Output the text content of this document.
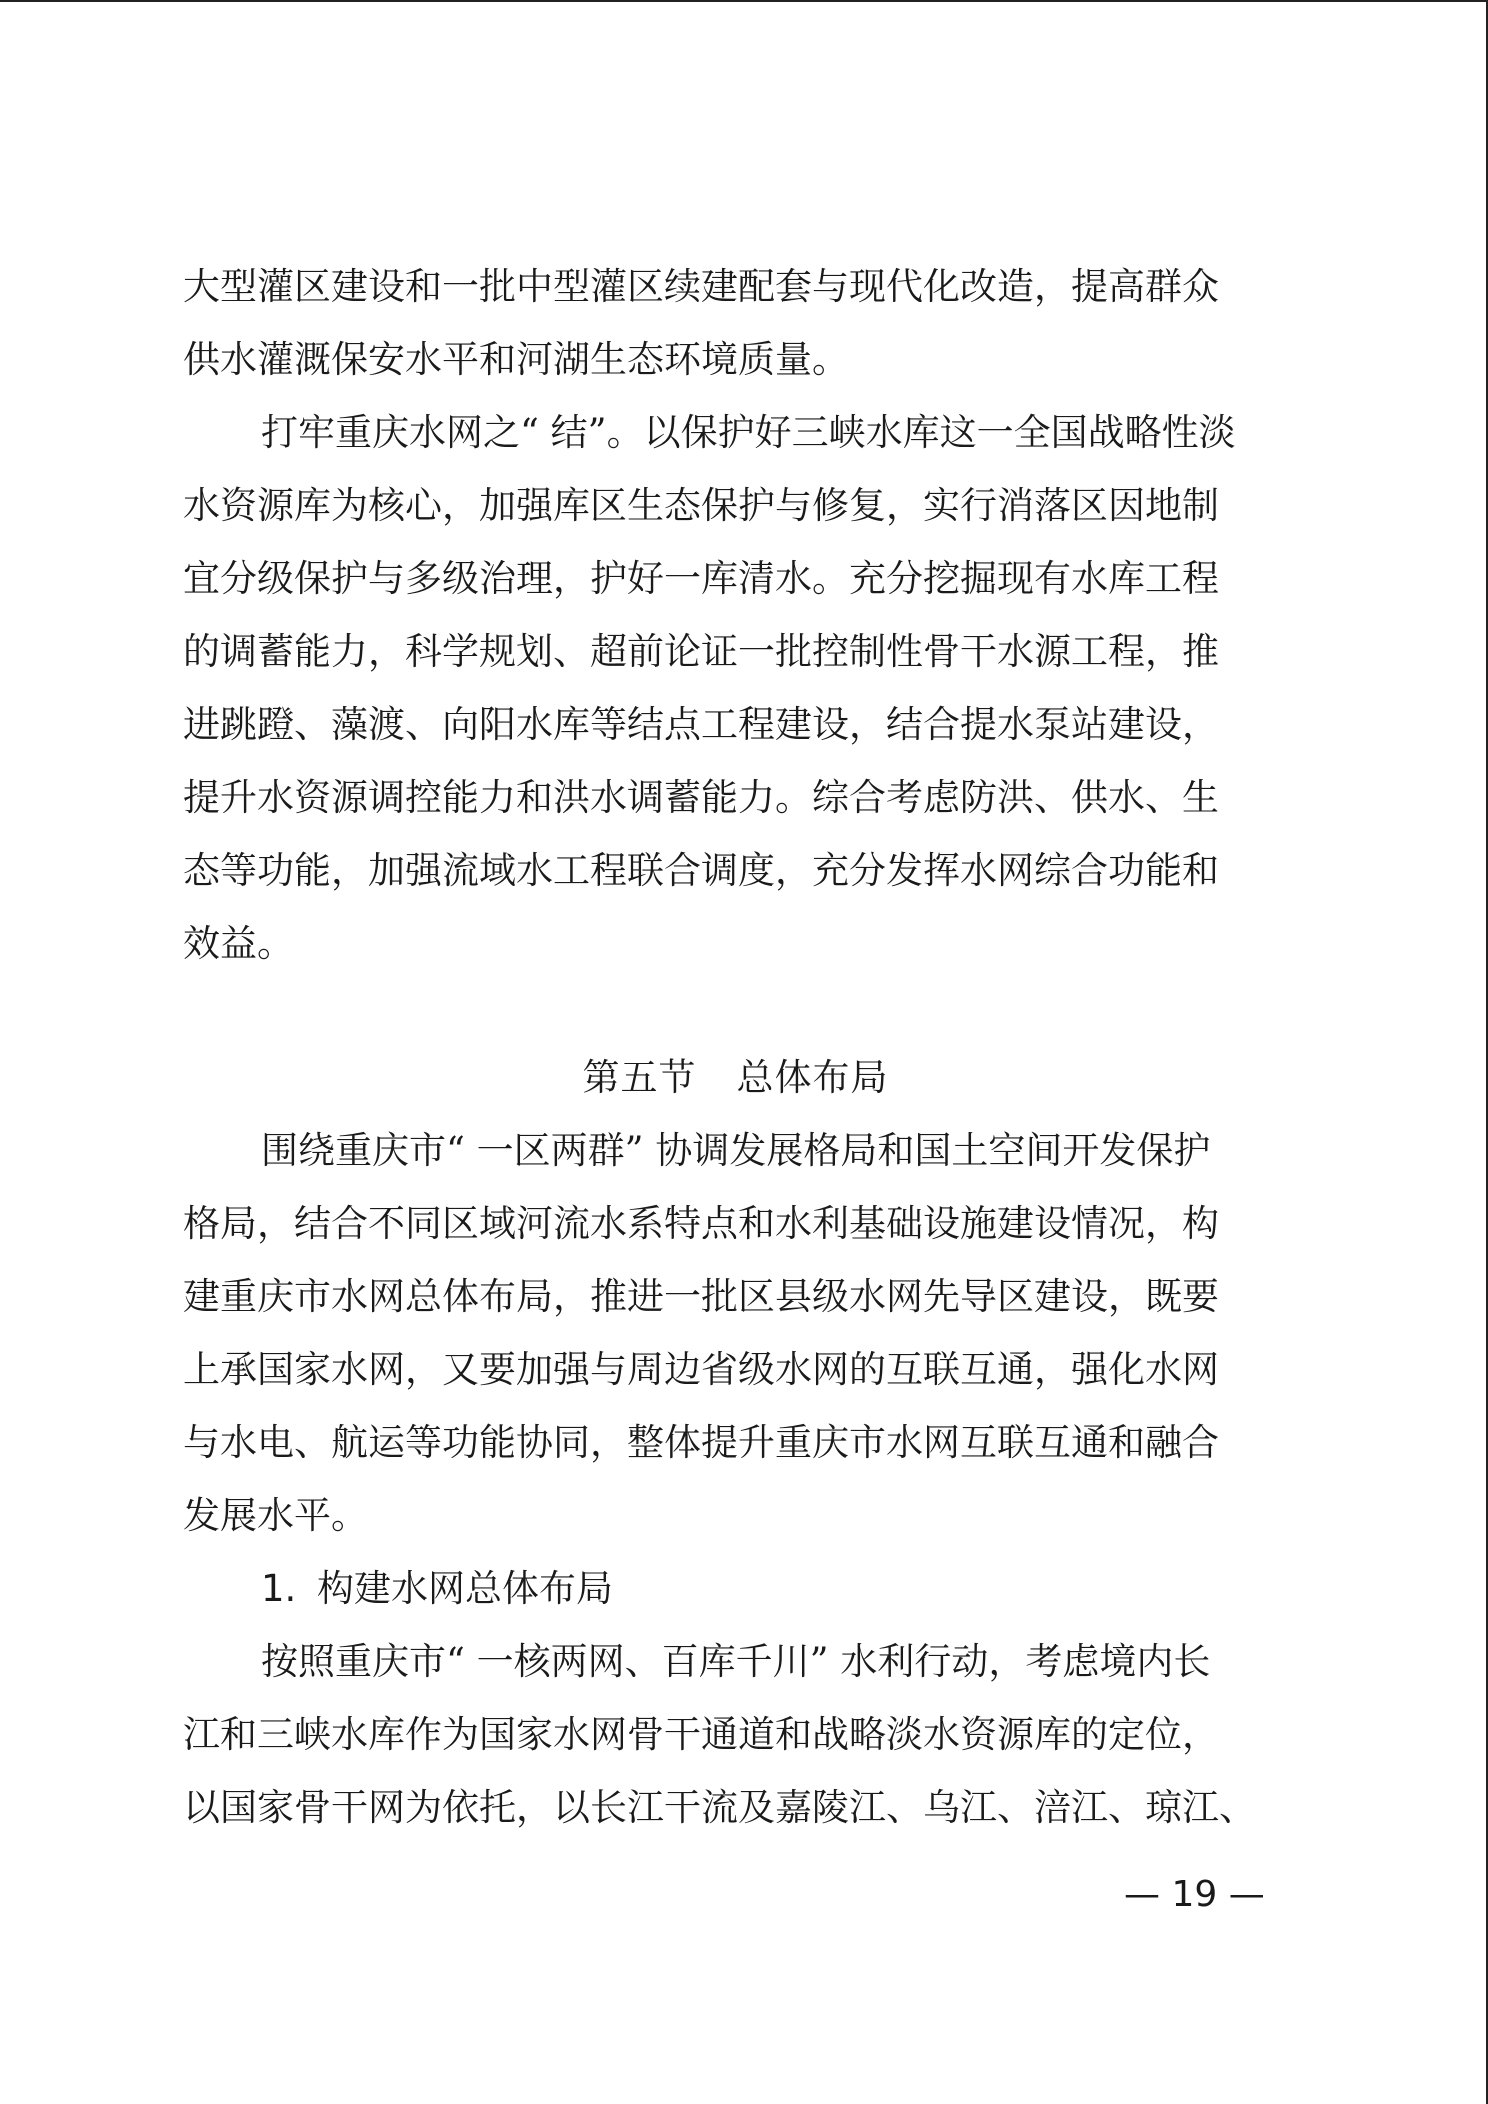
大型灌区建设和一批中型灌区续建配套与现代化改造，提高群众
供水灌溉保安水平和河湖生态环境质量。
打牢重庆水网之“ 结”。以保护好三峡水库这一全国战略性淡
水资源库为核心，加强库区生态保护与修复，实行消落区因地制
宜分级保护与多级治理，护好一库清水。充分挖掘现有水库工程
的调蓄能力，科学规划、超前论证一批控制性骨干水源工程，推
进跳蹬、藻渡、向阳水库等结点工程建设，结合提水泵站建设，
提升水资源调控能力和洪水调蓄能力。综合考虑防洪、供水、生
态等功能，加强流域水工程联合调度，充分发挥水网综合功能和
效益。
第五节 总体布局
围绕重庆市“ 一区两群” 协调发展格局和国土空间开发保护
格局，结合不同区域河流水系特点和水利基础设施建设情况，构
建重庆市水网总体布局，推进一批区县级水网先导区建设，既要
上承国家水网，又要加强与周边省级水网的互联互通，强化水网
与水电、航运等功能协同，整体提升重庆市水网互联互通和融合
发展水平。
1. 构建水网总体布局
按照重庆市“ 一核两网、百库千川” 水利行动，考虑境内长
江和三峡水库作为国家水网骨干通道和战略淡水资源库的定位，
以国家骨干网为依托，以长江干流及嘉陵江、乌江、涪江、琼江、
— 19 —
